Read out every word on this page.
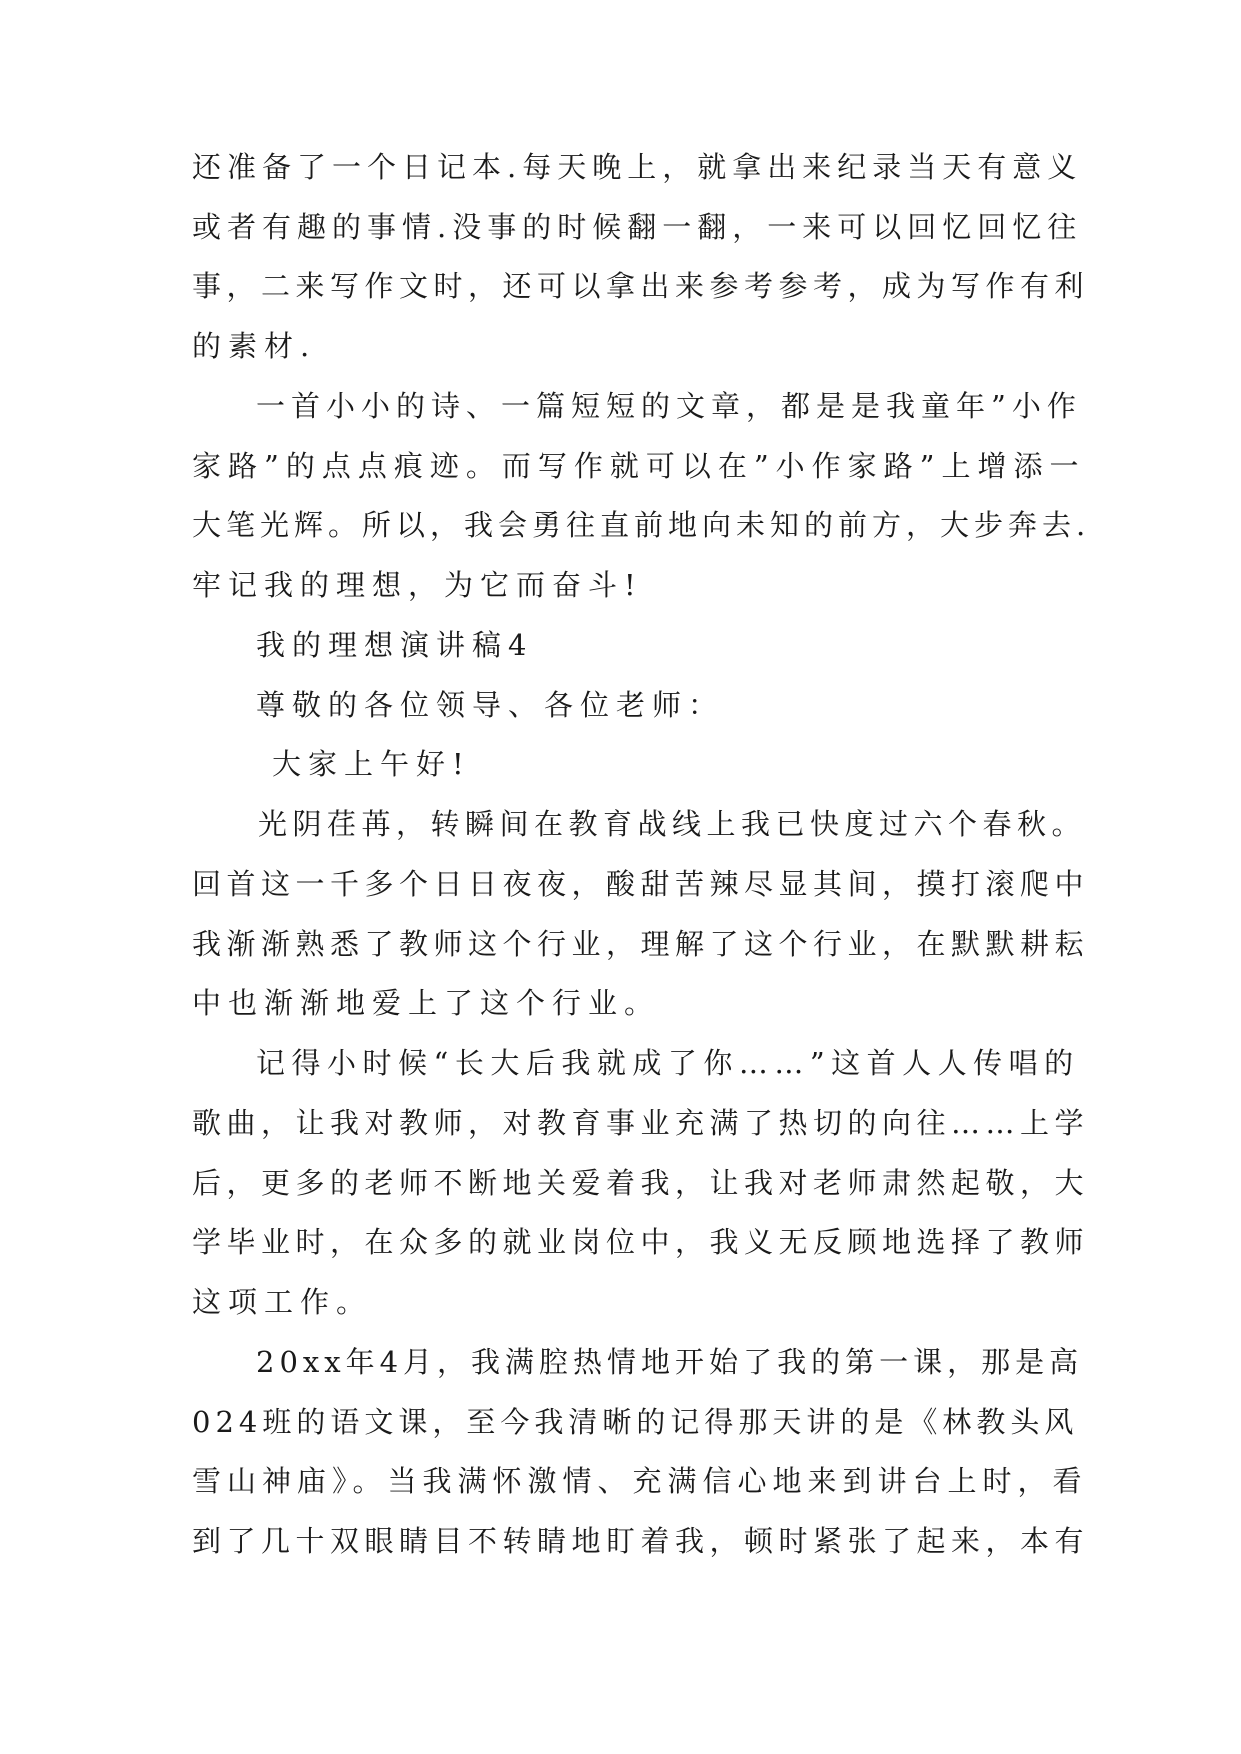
还准备了一个日记本.每天晚上，就拿出来纪录当天有意义
或者有趣的事情.没事的时候翻一翻，一来可以回忆回忆往
事，二来写作文时，还可以拿出来参考参考，成为写作有利
的素材.
一首小小的诗、一篇短短的文章，都是是我童年”小作
家路”的点点痕迹。而写作就可以在”小作家路”上增添一
大笔光辉。所以，我会勇往直前地向未知的前方，大步奔去.
牢记我的理想，为它而奋斗!
我的理想演讲稿4
尊敬的各位领导、各位老师：
大家上午好!
光阴荏苒，转瞬间在教育战线上我已快度过六个春秋。
回首这一千多个日日夜夜，酸甜苦辣尽显其间，摸打滚爬中
我渐渐熟悉了教师这个行业，理解了这个行业，在默默耕耘
中也渐渐地爱上了这个行业。
记得小时候“长大后我就成了你……”这首人人传唱的
歌曲，让我对教师，对教育事业充满了热切的向往……上学
后，更多的老师不断地关爱着我，让我对老师肃然起敬，大
学毕业时，在众多的就业岗位中，我义无反顾地选择了教师
这项工作。
20xx年4月，我满腔热情地开始了我的第一课，那是高
024班的语文课，至今我清晰的记得那天讲的是《林教头风
雪山神庙》。当我满怀激情、充满信心地来到讲台上时，看
到了几十双眼睛目不转睛地盯着我，顿时紧张了起来，本有
